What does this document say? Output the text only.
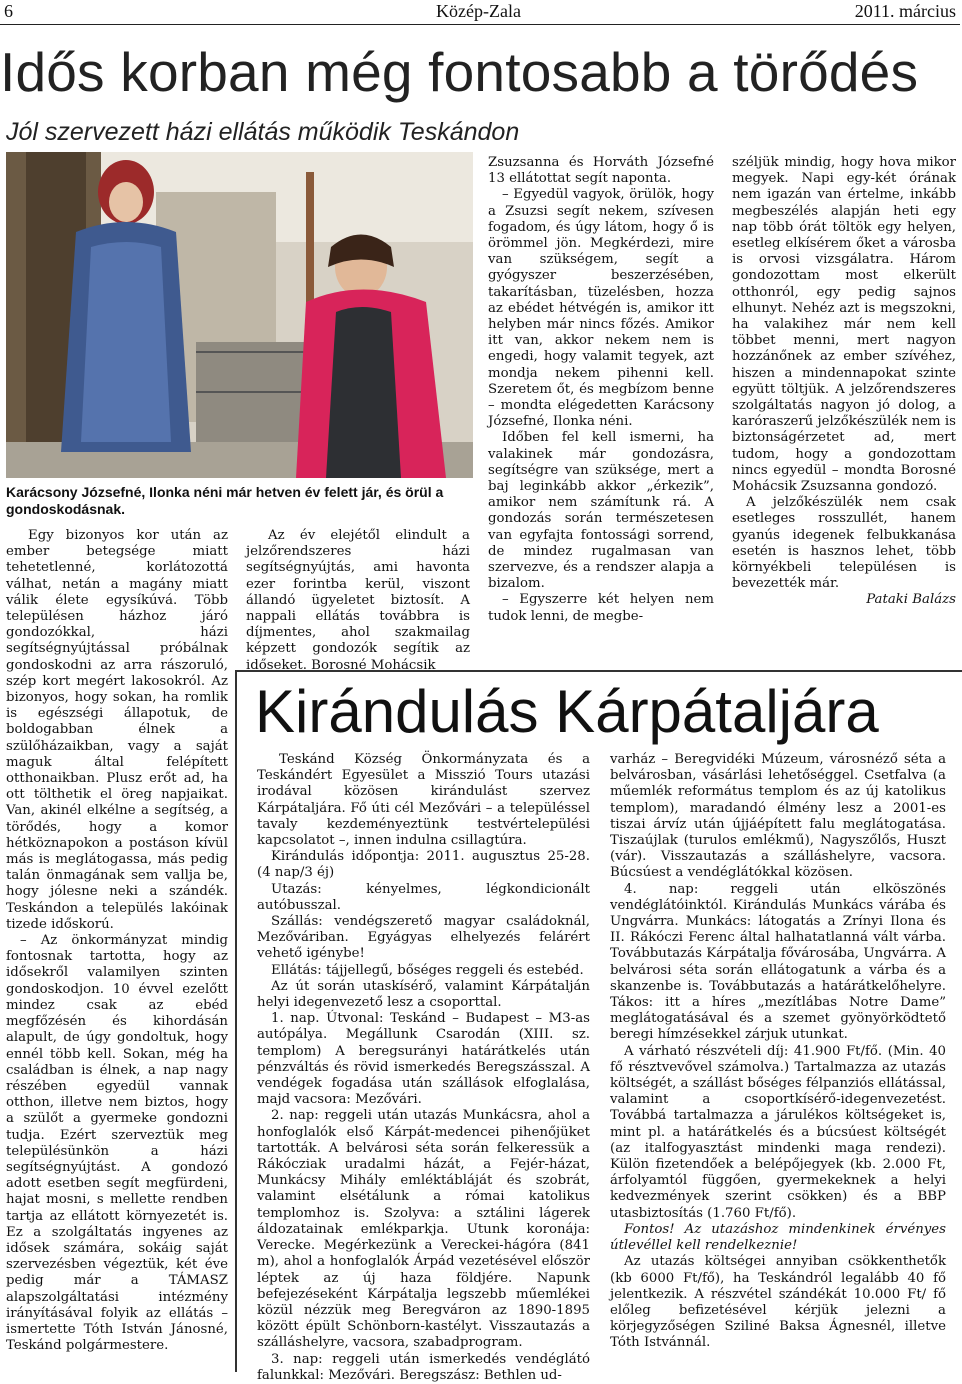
6	Közép-Zala	2011. március
Idős korban még fontosabb a törődés
Jól szervezett házi ellátás működik Teskándon
Karácsony Józsefné, Ilonka néni már hetven év felett jár, és örül a gondoskodásnak.

Egy bizonyos kor után az ember betegsége miatt tehetetlenné, korlátozottá válhat, netán a magány miatt válik élete egysíkúvá. Több településen házhoz járó gondozókkal, házi segítségnyújtással próbálnak gondoskodni az arra rászoruló, szép kort megért lakosokról. Az bizonyos, hogy sokan, ha romlik is egészségi állapotuk, de boldogabban élnek a szülőházaikban, vagy a saját maguk által felépített otthonaikban. Plusz erőt ad, ha ott tölthetik el öreg napjaikat. Van, akinél elkélne a segítség, a törődés, hogy a komor hétköznapokon a postáson kívül más is meglátogassa, más pedig talán önmagának sem vallja be, hogy jólesne neki a szándék. Teskándon a település lakóinak tizede időskorú.

– Az önkormányzat mindig fontosnak tartotta, hogy az idősekről valamilyen szinten gondoskodjon. 10 évvel ezelőtt mindez csak az ebéd megfőzésén és kihordásán alapult, de úgy gondoltuk, hogy ennél több kell. Sokan, még ha családban is élnek, a nap nagy részében egyedül vannak otthon, illetve nem biztos, hogy a szülőt a gyermeke gondozni tudja. Ezért szerveztük meg településünkön a házi segítségnyújtást. A gondozó adott esetben segít megfürdeni, hajat mosni, s mellette rendben tartja az ellátott környezetét is. Ez a szolgáltatás ingyenes az idősek számára, sokáig saját szervezésben végeztük, két éve pedig már a TÁMASZ alapszolgáltatási intézmény irányításával folyik az ellátás – ismertette Tóth István Jánosné, Teskánd polgármestere.

Az év elejétől elindult a jelzőrendszeres házi segítségnyújtás, ami havonta ezer forintba kerül, viszont állandó ügyeletet biztosít. A nappali ellátás továbbra is díjmentes, ahol szakmailag képzett gondozók segítik az időseket. Borosné Mohácsik

Zsuzsanna és Horváth Józsefné 13 ellátottat segít naponta.

– Egyedül vagyok, örülök, hogy a Zsuzsi segít nekem, szívesen fogadom, és úgy látom, hogy ő is örömmel jön. Megkérdezi, mire van szükségem, segít a gyógyszer beszerzésében, takarításban, tüzelésben, hozza az ebédet hétvégén is, amikor itt helyben már nincs főzés. Amikor itt van, akkor nekem nem is engedi, hogy valamit tegyek, azt mondja nekem pihenni kell. Szeretem őt, és megbízom benne – mondta elégedetten Karácsony Józsefné, Ilonka néni.

Időben fel kell ismerni, ha valakinek már gondozásra, segítségre van szüksége, mert a baj leginkább akkor „érkezik”, amikor nem számítunk rá. A gondozás során természetesen van egyfajta fontossági sorrend, de mindez rugalmasan van szervezve, és a rendszer alapja a bizalom.

– Egyszerre két helyen nem tudok lenni, de megbe-

széljük mindig, hogy hova mikor megyek. Napi egy-két órának nem igazán van értelme, inkább megbeszélés alapján heti egy nap több órát töltök egy helyen, esetleg elkísérem őket a városba is orvosi vizsgálatra. Három gondozottam most elkerült otthonról, egy pedig sajnos elhunyt. Nehéz azt is megszokni, ha valakihez már nem kell többet menni, mert nagyon hozzánőnek az ember szívéhez, hiszen a mindennapokat szinte együtt töltjük. A jelzőrendszeres szolgáltatás nagyon jó dolog, a karóraszerű jelzőkészülék nem is biztonságérzetet ad, mert tudom, hogy a gondozottam nincs egyedül – mondta Borosné Mohácsik Zsuzsanna gondozó.

A jelzőkészülék nem csak esetleges rosszullét, hanem gyanús idegenek felbukkanása esetén is hasznos lehet, több környékbeli településen is bevezették már.

Pataki Balázs
Kirándulás Kárpátaljára

Teskánd Község Önkormányzata és a Teskándért Egyesület a Misszió Tours utazási irodával közösen kirándulást szervez Kárpátaljára. Fő úti cél Mezővári – a településsel tavaly kezdeményeztünk testvértelepülési kapcsolatot –, innen indulna csillagtúra.

Kirándulás időpontja: 2011. augusztus 25-28. (4 nap/3 éj)

Utazás: kényelmes, légkondicionált autóbusszal.

Szállás: vendégszerető magyar családoknál, Mezőváriban. Egyágyas elhelyezés felárért vehető igénybe!

Ellátás: tájjellegű, bőséges reggeli és estebéd.

Az út során utaskísérő, valamint Kárpátalján helyi idegenvezető lesz a csoporttal.

1. nap. Útvonal: Teskánd – Budapest – M3-as autópálya. Megállunk Csarodán (XIII. sz. templom) A beregsurányi határátkelés után pénzváltás és rövid ismerkedés Beregszásszal. A vendégek fogadása után szállások elfoglalása, majd vacsora: Mezővári.

2. nap: reggeli után utazás Munkácsra, ahol a honfoglalók első Kárpát-medencei pihenőjüket tartották. A belvárosi séta során felkeressük a Rákócziak uradalmi házát, a Fejér-házat, Munkácsy Mihály emléktábláját és szobrát, valamint elsétálunk a római katolikus templomhoz is. Szolyva: a sztálini lágerek áldozatainak emlékparkja. Utunk koronája: Verecke. Megérkezünk a Vereckei-hágóra (841 m), ahol a honfoglalók Árpád vezetésével először léptek az új haza földjére. Napunk befejezéseként Kárpátalja legszebb műemlékei közül nézzük meg Beregváron az 1890-1895 között épült Schönborn-kastélyt. Visszautazás a szálláshelyre, vacsora, szabadprogram.

3. nap: reggeli után ismerkedés vendéglátó falunkkal: Mezővári. Beregszász: Bethlen ud-

varház – Beregvidéki Múzeum, városnéző séta a belvárosban, vásárlási lehetőséggel. Csetfalva (a műemlék református templom és az új katolikus templom), maradandó élmény lesz a 2001-es tiszai árvíz után újjáépített falu meglátogatása. Tiszaújlak (turulos emlékmű), Nagyszőlős, Huszt (vár). Visszautazás a szálláshelyre, vacsora. Búcsúest a vendéglátókkal közösen.

4. nap: reggeli után elköszönés vendéglátóinktól. Kirándulás Munkács várába és Ungvárra. Munkács: látogatás a Zrínyi Ilona és II. Rákóczi Ferenc által halhatatlanná vált várba. Továbbutazás Kárpátalja fővárosába, Ungvárra. A belvárosi séta során ellátogatunk a várba és a skanzenbe is. Továbbutazás a határátkelőhelyre. Tákos: itt a híres „mezítlábas Notre Dame” meglátogatásával és a szemet gyönyörködtető beregi hímzésekkel zárjuk utunkat.

A várható részvételi díj: 41.900 Ft/fő. (Min. 40 fő résztvevővel számolva.) Tartalmazza az utazás költségét, a szállást bőséges félpanziós ellátással, valamint a csoportkísérő-idegenvezetést. Továbbá tartalmazza a járulékos költségeket is, mint pl. a határátkelés és a búcsúest költségét (az italfogyasztást mindenki maga rendezi). Külön fizetendőek a belépőjegyek (kb. 2.000 Ft, árfolyamtól függően, gyermekeknek a helyi kedvezmények szerint csökken) és a BBP utasbiztosítás (1.760 Ft/fő).

Fontos! Az utazáshoz mindenkinek érvényes útlevéllel kell rendelkeznie!

Az utazás költségei annyiban csökkenthetők (kb 6000 Ft/fő), ha Teskándról legalább 40 fő jelentkezik. A részvétel szándékát 10.000 Ft/ fő előleg befizetésével kérjük jelezni a körjegyzőségen Sziliné Baksa Ágnesnél, illetve Tóth Istvánnál.
